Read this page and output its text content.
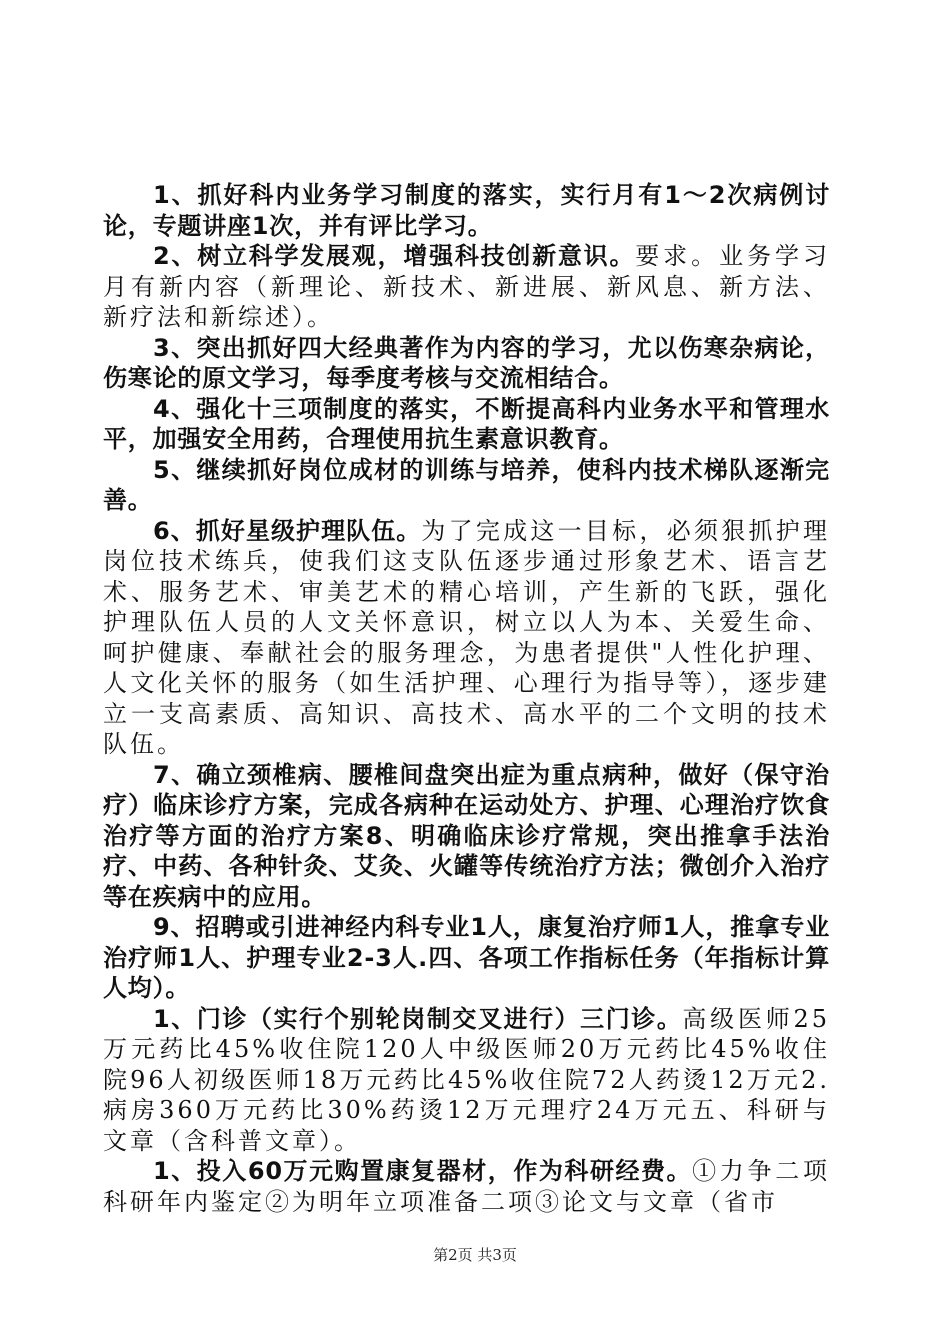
1、抓好科内业务学习制度的落实，实行月有1～2次病例讨论，专题讲座1次，并有评比学习。

2、树立科学发展观，增强科技创新意识。要求。业务学习月有新内容（新理论、新技术、新进展、新风息、新方法、新疗法和新综述）。

3、突出抓好四大经典著作为内容的学习，尤以伤寒杂病论，伤寒论的原文学习，每季度考核与交流相结合。

4、强化十三项制度的落实，不断提高科内业务水平和管理水平，加强安全用药，合理使用抗生素意识教育。

5、继续抓好岗位成材的训练与培养，使科内技术梯队逐渐完善。

6、抓好星级护理队伍。为了完成这一目标，必须狠抓护理岗位技术练兵，使我们这支队伍逐步通过形象艺术、语言艺术、服务艺术、审美艺术的精心培训，产生新的飞跃，强化护理队伍人员的人文关怀意识，树立以人为本、关爱生命、呵护健康、奉献社会的服务理念，为患者提供"人性化护理、人文化关怀的服务（如生活护理、心理行为指导等），逐步建立一支高素质、高知识、高技术、高水平的二个文明的技术队伍。

7、确立颈椎病、腰椎间盘突出症为重点病种，做好（保守治疗）临床诊疗方案，完成各病种在运动处方、护理、心理治疗饮食治疗等方面的治疗方案8、明确临床诊疗常规，突出推拿手法治疗、中药、各种针灸、艾灸、火罐等传统治疗方法；微创介入治疗等在疾病中的应用。

9、招聘或引进神经内科专业1人，康复治疗师1人，推拿专业治疗师1人、护理专业2-3人.四、各项工作指标任务（年指标计算人均）。

1、门诊（实行个别轮岗制交叉进行）三门诊。高级医师25万元药比45%收住院120人中级医师20万元药比45%收住院96人初级医师18万元药比45%收住院72人药烫12万元2.病房360万元药比30%药烫12万元理疗24万元五、科研与文章（含科普文章）。

1、投入60万元购置康复器材，作为科研经费。①力争二项科研年内鉴定②为明年立项准备二项③论文与文章（省市

第2页 共3页
